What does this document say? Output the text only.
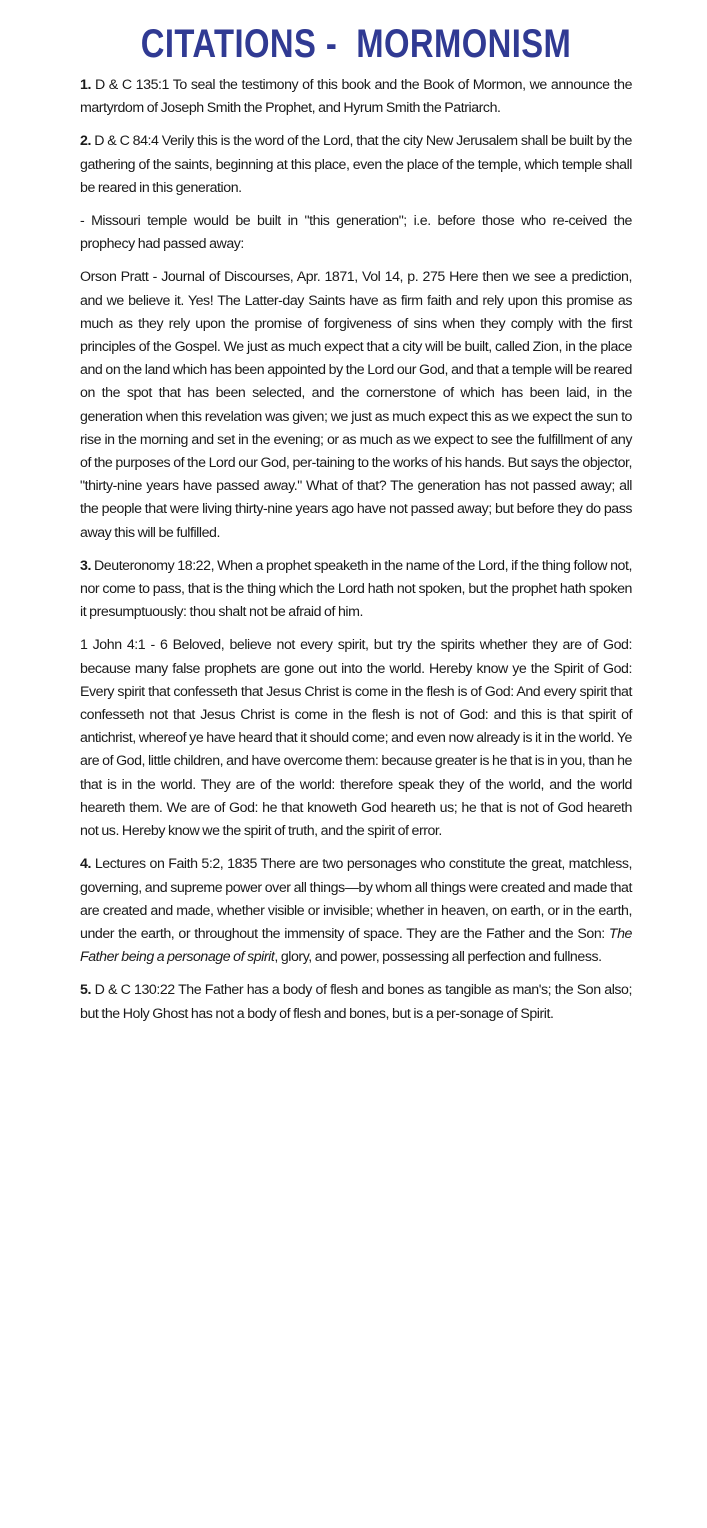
CITATIONS -  MORMONISM

1. D & C 135:1 To seal the testimony of this book and the Book of Mormon, we announce the martyrdom of Joseph Smith the Prophet, and Hyrum Smith the Patriarch.

2. D & C 84:4 Verily this is the word of the Lord, that the city New Jerusalem shall be built by the gathering of the saints, beginning at this place, even the place of the temple, which temple shall be reared in this generation.

- Missouri temple would be built in "this generation"; i.e. before those who re-ceived the prophecy had passed away:

Orson Pratt - Journal of Discourses, Apr. 1871, Vol 14, p. 275 Here then we see a prediction, and we believe it. Yes! The Latter-day Saints have as firm faith and rely upon this promise as much as they rely upon the promise of forgiveness of sins when they comply with the first principles of the Gospel. We just as much expect that a city will be built, called Zion, in the place and on the land which has been appointed by the Lord our God, and that a temple will be reared on the spot that has been selected, and the cornerstone of which has been laid, in the generation when this revelation was given; we just as much expect this as we expect the sun to rise in the morning and set in the evening; or as much as we expect to see the fulfillment of any of the purposes of the Lord our God, per-taining to the works of his hands. But says the objector, "thirty-nine years have passed away." What of that? The generation has not passed away; all the people that were living thirty-nine years ago have not passed away; but before they do pass away this will be fulfilled.

3. Deuteronomy 18:22, When a prophet speaketh in the name of the Lord, if the thing follow not, nor come to pass, that is the thing which the Lord hath not spoken, but the prophet hath spoken it presumptuously: thou shalt not be afraid of him.

1 John 4:1 - 6 Beloved, believe not every spirit, but try the spirits whether they are of God: because many false prophets are gone out into the world. Hereby know ye the Spirit of God: Every spirit that confesseth that Jesus Christ is come in the flesh is of God: And every spirit that confesseth not that Jesus Christ is come in the flesh is not of God: and this is that spirit of antichrist, whereof ye have heard that it should come; and even now already is it in the world. Ye are of God, little children, and have overcome them: because greater is he that is in you, than he that is in the world. They are of the world: therefore speak they of the world, and the world heareth them. We are of God: he that knoweth God heareth us; he that is not of God heareth not us. Hereby know we the spirit of truth, and the spirit of error.

4. Lectures on Faith 5:2, 1835 There are two personages who constitute the great, matchless, governing, and supreme power over all things—by whom all things were created and made that are created and made, whether visible or invisible; whether in heaven, on earth, or in the earth, under the earth, or throughout the immensity of space. They are the Father and the Son: The Father being a personage of spirit, glory, and power, possessing all perfection and fullness.

5. D & C 130:22 The Father has a body of flesh and bones as tangible as man's; the Son also; but the Holy Ghost has not a body of flesh and bones, but is a per-sonage of Spirit.
